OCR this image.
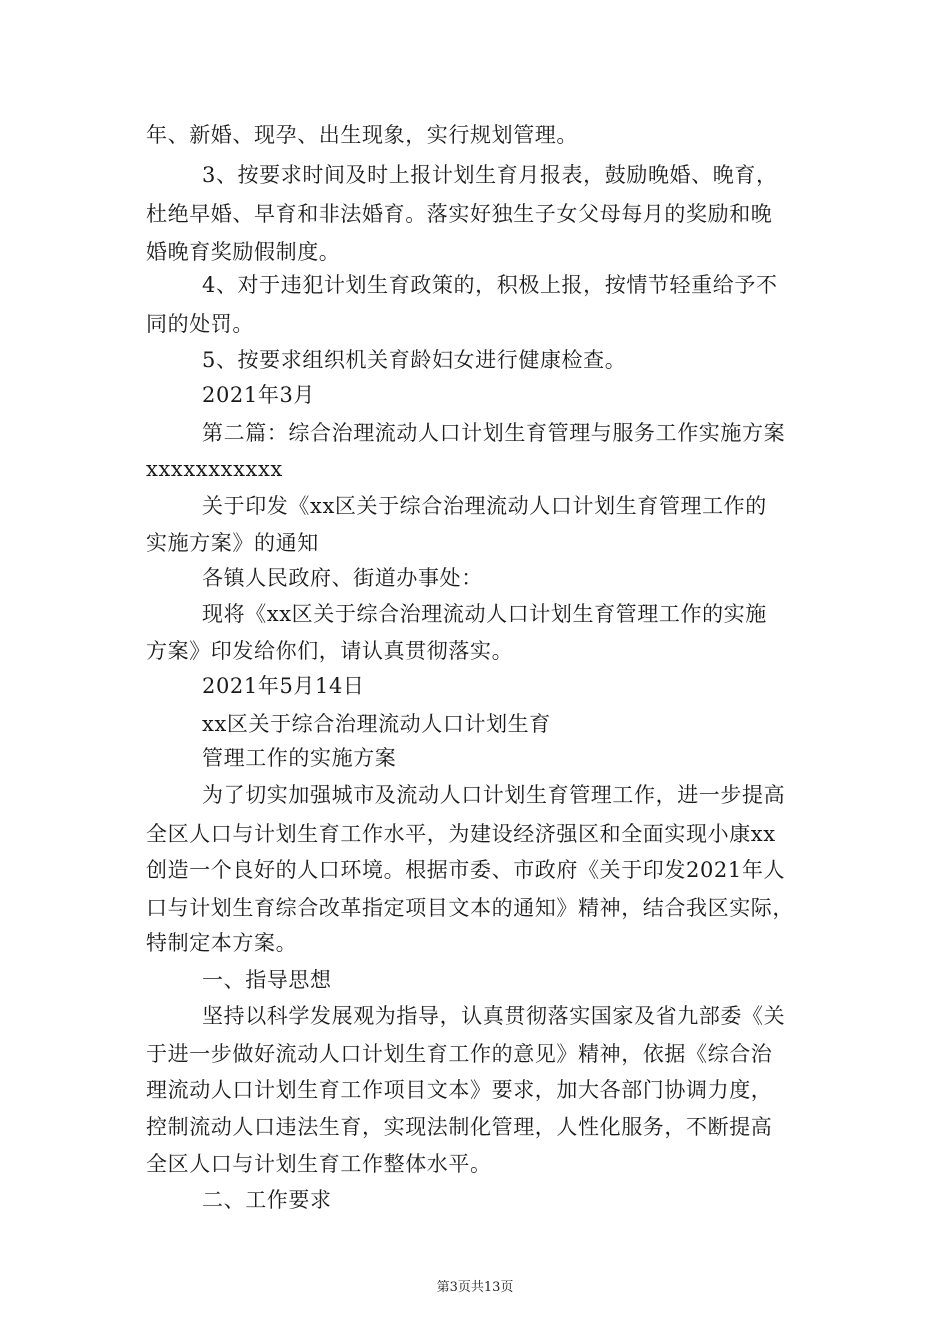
年、新婚、现孕、出生现象，实行规划管理。
3、按要求时间及时上报计划生育月报表，鼓励晚婚、晚育，
杜绝早婚、早育和非法婚育。落实好独生子女父母每月的奖励和晚
婚晚育奖励假制度。
4、对于违犯计划生育政策的，积极上报，按情节轻重给予不
同的处罚。
5、按要求组织机关育龄妇女进行健康检查。
2021年3月
第二篇：综合治理流动人口计划生育管理与服务工作实施方案
xxxxxxxxxxx
关于印发《xx区关于综合治理流动人口计划生育管理工作的
实施方案》的通知
各镇人民政府、街道办事处：
现将《xx区关于综合治理流动人口计划生育管理工作的实施
方案》印发给你们，请认真贯彻落实。
2021年5月14日
xx区关于综合治理流动人口计划生育
管理工作的实施方案
为了切实加强城市及流动人口计划生育管理工作，进一步提高
全区人口与计划生育工作水平，为建设经济强区和全面实现小康xx
创造一个良好的人口环境。根据市委、市政府《关于印发2021年人
口与计划生育综合改革指定项目文本的通知》精神，结合我区实际，
特制定本方案。
一、指导思想
坚持以科学发展观为指导，认真贯彻落实国家及省九部委《关
于进一步做好流动人口计划生育工作的意见》精神，依据《综合治
理流动人口计划生育工作项目文本》要求，加大各部门协调力度，
控制流动人口违法生育，实现法制化管理，人性化服务，不断提高
全区人口与计划生育工作整体水平。
二、工作要求
第3页共13页
